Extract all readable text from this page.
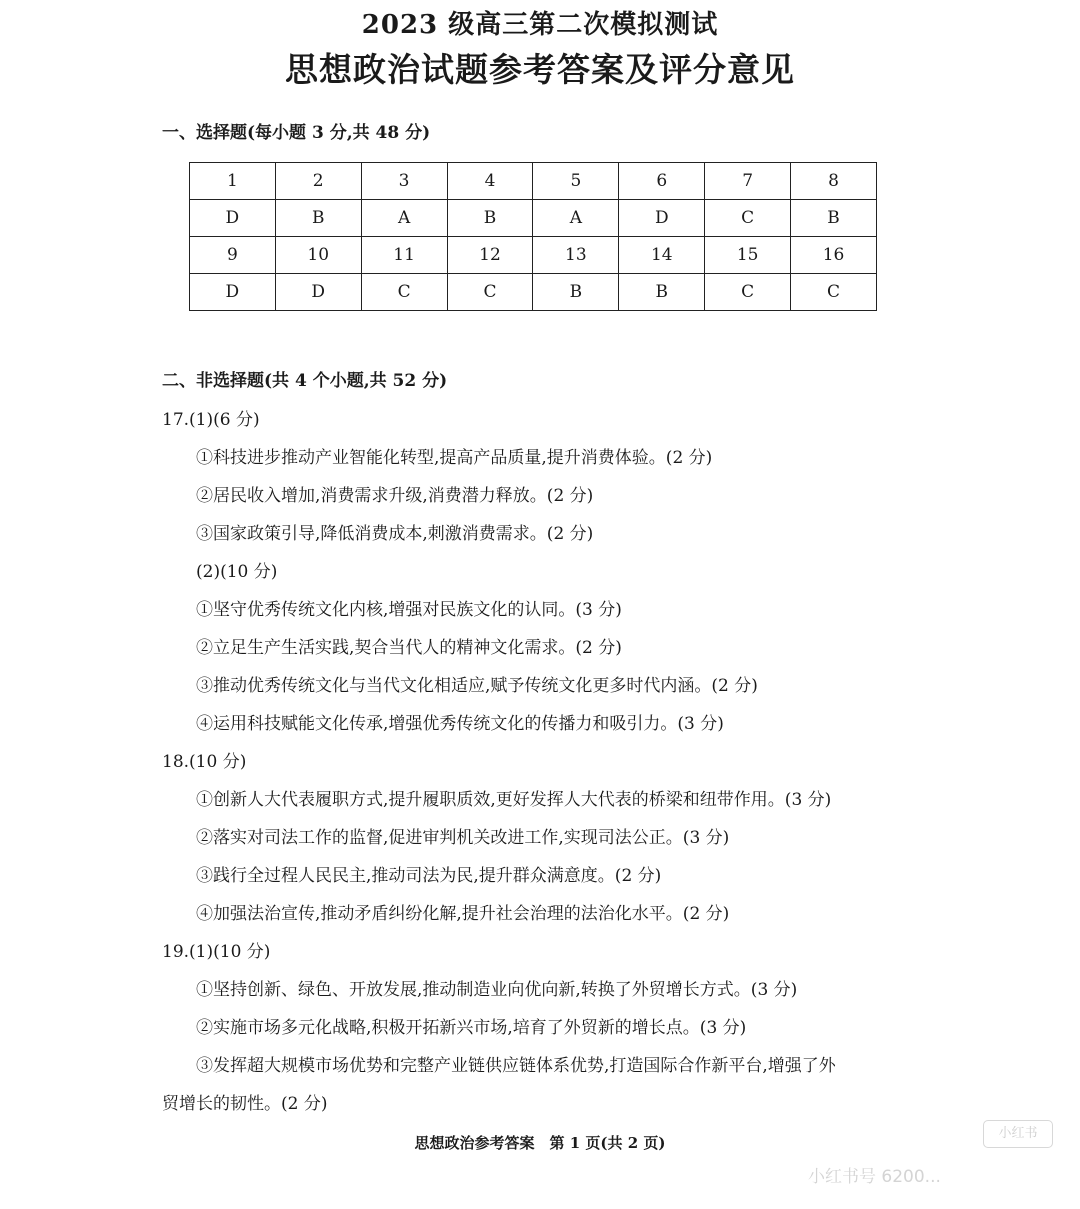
2023 级高三第二次模拟测试
思想政治试题参考答案及评分意见
一、选择题(每小题 3 分,共 48 分)
1	2	3	4	5	6	7	8
D	B	A	B	A	D	C	B
9	10	11	12	13	14	15	16
D	D	C	C	B	B	C	C
二、非选择题(共 4 个小题,共 52 分)
17.(1)(6 分)
①科技进步推动产业智能化转型,提高产品质量,提升消费体验。(2 分)
②居民收入增加,消费需求升级,消费潜力释放。(2 分)
③国家政策引导,降低消费成本,刺激消费需求。(2 分)
(2)(10 分)
①坚守优秀传统文化内核,增强对民族文化的认同。(3 分)
②立足生产生活实践,契合当代人的精神文化需求。(2 分)
③推动优秀传统文化与当代文化相适应,赋予传统文化更多时代内涵。(2 分)
④运用科技赋能文化传承,增强优秀传统文化的传播力和吸引力。(3 分)
18.(10 分)
①创新人大代表履职方式,提升履职质效,更好发挥人大代表的桥梁和纽带作用。(3 分)
②落实对司法工作的监督,促进审判机关改进工作,实现司法公正。(3 分)
③践行全过程人民民主,推动司法为民,提升群众满意度。(2 分)
④加强法治宣传,推动矛盾纠纷化解,提升社会治理的法治化水平。(2 分)
19.(1)(10 分)
①坚持创新、绿色、开放发展,推动制造业向优向新,转换了外贸增长方式。(3 分)
②实施市场多元化战略,积极开拓新兴市场,培育了外贸新的增长点。(3 分)
③发挥超大规模市场优势和完整产业链供应链体系优势,打造国际合作新平台,增强了外
贸增长的韧性。(2 分)
思想政治参考答案　第 1 页(共 2 页)
小红书
小红书号 6200...
